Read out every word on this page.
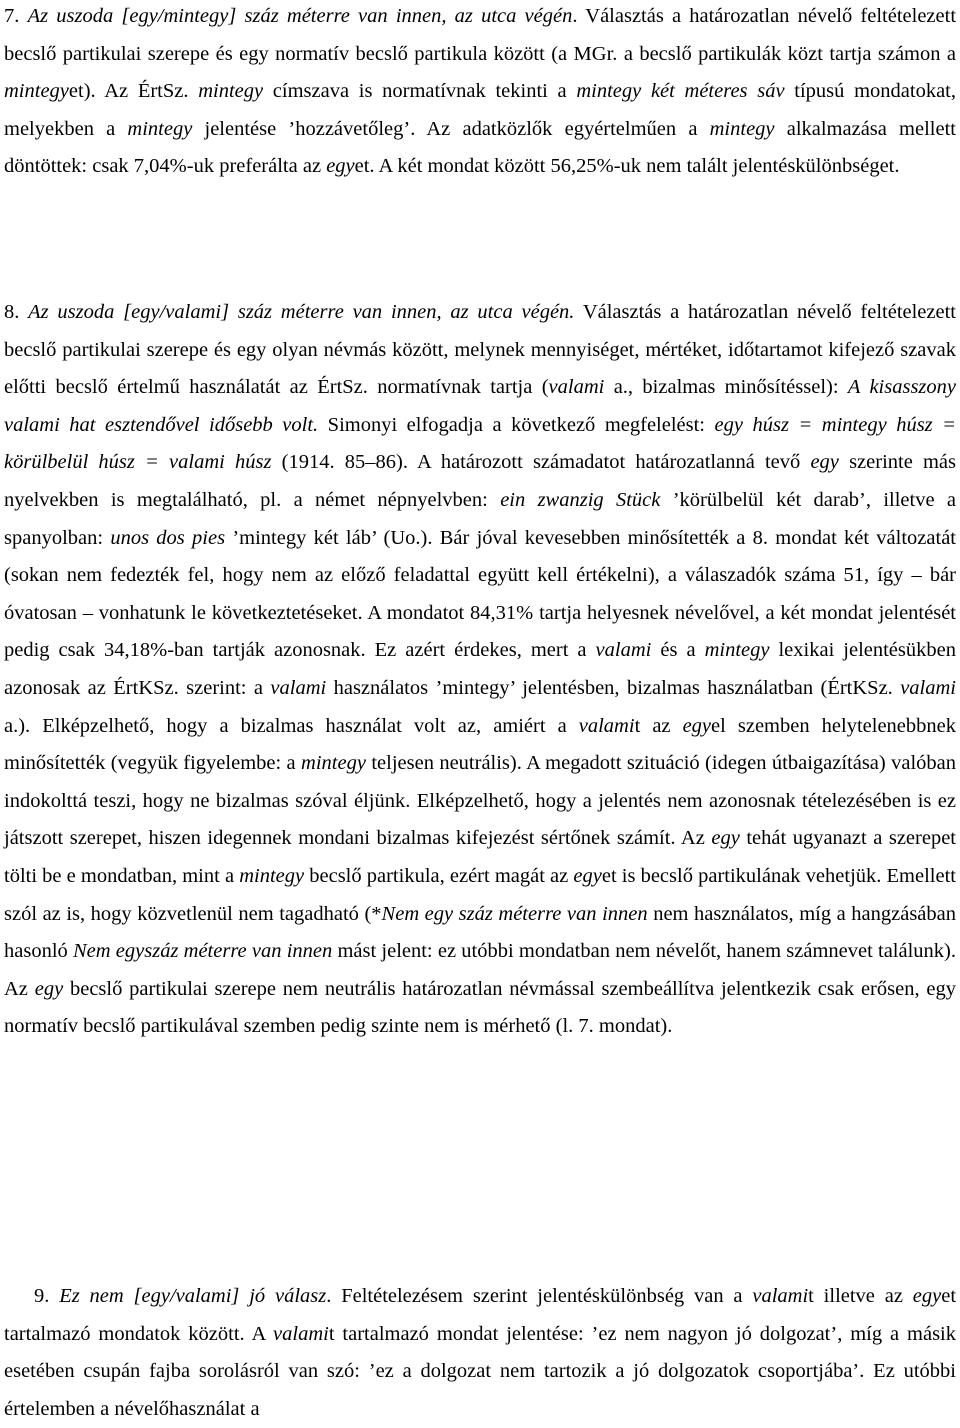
7. Az uszoda [egy/mintegy] száz méterre van innen, az utca végén. Választás a határozatlan névelő feltételezett becslő partikulai szerepe és egy normatív becslő partikula között (a MGr. a becslő partikulák közt tartja számon a mintegyet). Az ÉrtSz. mintegy címszava is normatívnak tekinti a mintegy két méteres sáv típusú mondatokat, melyekben a mintegy jelentése ’hozzávetőleg’. Az adatközlők egyértelműen a mintegy alkalmazása mellett döntöttek: csak 7,04%-uk preferálta az egyet. A két mondat között 56,25%-uk nem talált jelentéskülönbséget.

8. Az uszoda [egy/valami] száz méterre van innen, az utca végén. Választás a határozatlan névelő feltételezett becslő partikulai szerepe és egy olyan névmás között, melynek mennyiséget, mértéket, időtartamot kifejező szavak előtti becslő értelmű használatát az ÉrtSz. normatívnak tartja (valami a., bizalmas minősítéssel): A kisasszony valami hat esztendővel idősebb volt. Simonyi elfogadja a következő megfelelést: egy húsz = mintegy húsz = körülbelül húsz = valami húsz (1914. 85–86). A határozott számadatot határozatlanná tevő egy szerinte más nyelvekben is megtalálható, pl. a német népnyelvben: ein zwanzig Stück ’körülbelül két darab’, illetve a spanyolban: unos dos pies ’mintegy két láb’ (Uo.). Bár jóval kevesebben minősítették a 8. mondat két változatát (sokan nem fedezték fel, hogy nem az előző feladattal együtt kell értékelni), a válaszadók száma 51, így – bár óvatosan – vonhatunk le következtetéseket. A mondatot 84,31% tartja helyesnek névelővel, a két mondat jelentését pedig csak 34,18%-ban tartják azonosnak. Ez azért érdekes, mert a valami és a mintegy lexikai jelentésükben azonosak az ÉrtKSz. szerint: a valami használatos ’mintegy’ jelentésben, bizalmas használatban (ÉrtKSz. valami a.). Elképzelhető, hogy a bizalmas használat volt az, amiért a valamit az egyel szemben helytelenebbnek minősítették (vegyük figyelembe: a mintegy teljesen neutrális). A megadott szituáció (idegen útbaigazítása) valóban indokolttá teszi, hogy ne bizalmas szóval éljünk. Elképzelhető, hogy a jelentés nem azonosnak tételezésében is ez játszott szerepet, hiszen idegennek mondani bizalmas kifejezést sértőnek számít. Az egy tehát ugyanazt a szerepet tölti be e mondatban, mint a mintegy becslő partikula, ezért magát az egyet is becslő partikulának vehetjük. Emellett szól az is, hogy közvetlenül nem tagadható (*Nem egy száz méterre van innen nem használatos, míg a hangzásában hasonló Nem egyszáz méterre van innen mást jelent: ez utóbbi mondatban nem névelőt, hanem számnevet találunk). Az egy becslő partikulai szerepe nem neutrális határozatlan névmással szembeállítva jelentkezik csak erősen, egy normatív becslő partikulával szemben pedig szinte nem is mérhető (l. 7. mondat).

9. Ez nem [egy/valami] jó válasz. Feltételezésem szerint jelentéskülönbség van a valamit illetve az egyet tartalmazó mondatok között. A valamit tartalmazó mondat jelentése: ’ez nem nagyon jó dolgozat’, míg a másik esetében csupán fajba sorolásról van szó: ’ez a dolgozat nem tartozik a jó dolgozatok csoportjába’. Ez utóbbi értelemben a névelőhasználat a
